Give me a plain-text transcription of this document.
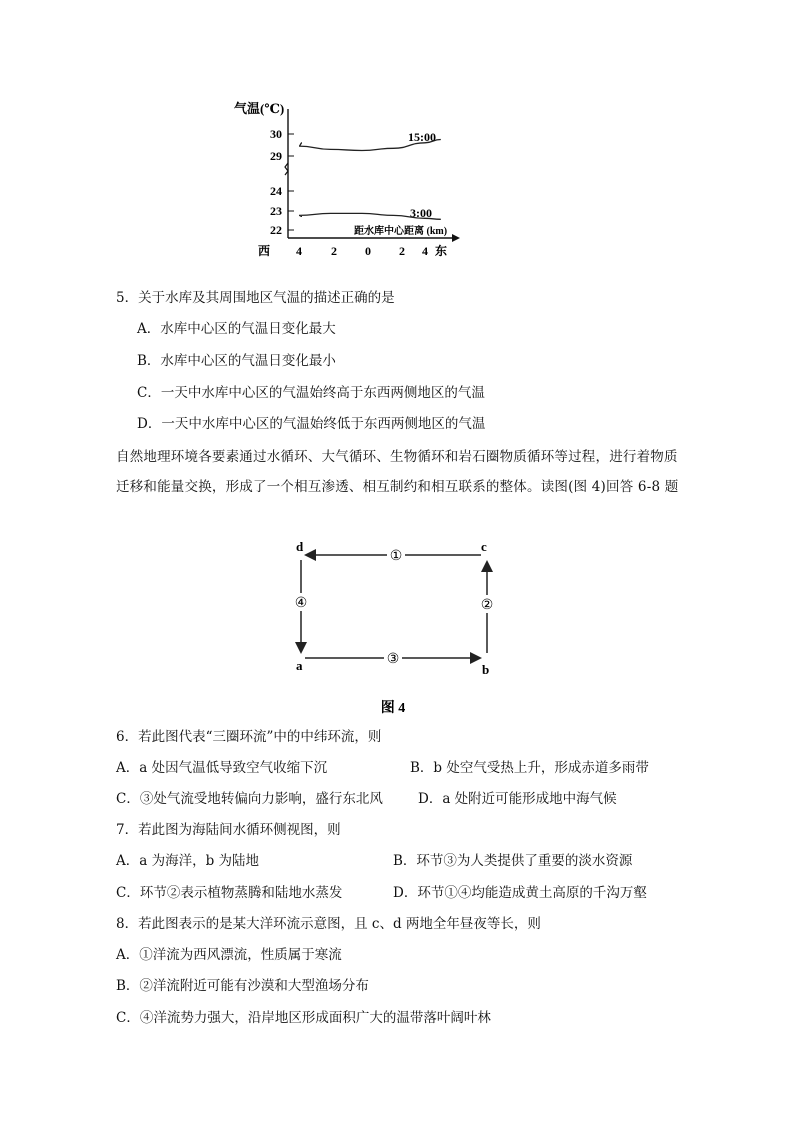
气温(℃)
30
29
24
23
22
西 4 2 0 2 4 东
距水库中心距离 (km)
15:00
3:00
5．关于水库及其周围地区气温的描述正确的是
A．水库中心区的气温日变化最大
B．水库中心区的气温日变化最小
C．一天中水库中心区的气温始终高于东西两侧地区的气温
D．一天中水库中心区的气温始终低于东西两侧地区的气温
自然地理环境各要素通过水循环、大气循环、生物循环和岩石圈物质循环等过程，进行着物质迁移和能量交换，形成了一个相互渗透、相互制约和相互联系的整体。读图(图 4)回答 6-8 题
d	c
a	b
①
②
③
④
图 4
6．若此图代表“三圈环流”中的中纬环流，则
A．a 处因气温低导致空气收缩下沉	B．b 处空气受热上升，形成赤道多雨带
C．③处气流受地转偏向力影响，盛行东北风	D．a 处附近可能形成地中海气候
7．若此图为海陆间水循环侧视图，则
A．a 为海洋，b 为陆地	B．环节③为人类提供了重要的淡水资源
C．环节②表示植物蒸腾和陆地水蒸发	D．环节①④均能造成黄土高原的千沟万壑
8．若此图表示的是某大洋环流示意图，且 c、d 两地全年昼夜等长，则
A．①洋流为西风漂流，性质属于寒流
B．②洋流附近可能有沙漠和大型渔场分布
C．④洋流势力强大，沿岸地区形成面积广大的温带落叶阔叶林
